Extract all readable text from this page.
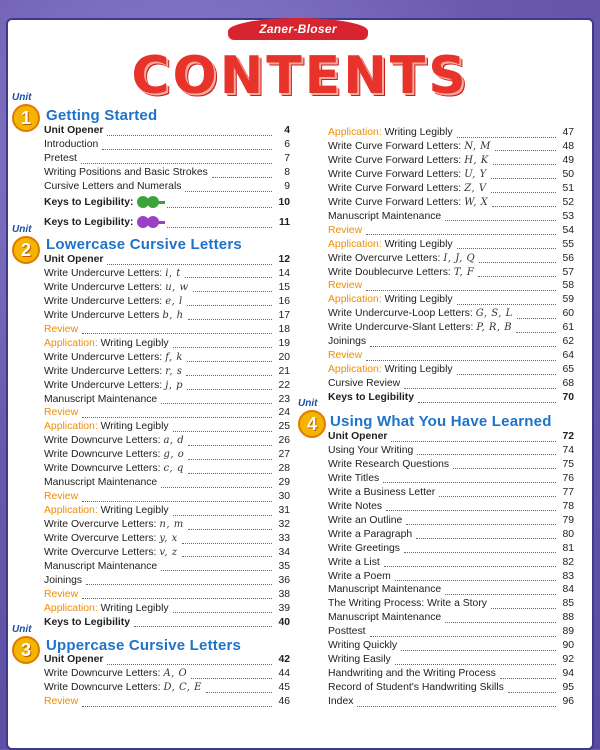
Zaner-Bloser
CONTENTS
Unit
1	Getting Started
Unit
2	Lowercase Cursive Letters
Unit
3	Uppercase Cursive Letters
Unit
4 Using What You Have Learned
Unit Opener	4
Introduction	6
Pretest	7
Writing Positions and Basic Strokes	8
Cursive Letters and Numerals	9
Keys to Legibility:	10
Keys to Legibility:	11
Unit Opener	12
Write Undercurve Letters: i, t	14
Write Undercurve Letters: u, w	15
Write Undercurve Letters: e, l	16
Write Undercurve Letters b, h	17
Review	18
Application: Writing Legibly	19
Write Undercurve Letters: f, k	20
Write Undercurve Letters: r, s	21
Write Undercurve Letters: j, p	22
Manuscript Maintenance	23
Review	24
Application: Writing Legibly	25
Write Downcurve Letters: a, d	26
Write Downcurve Letters: g, o	27
Write Downcurve Letters: c, q	28
Manuscript Maintenance	29
Review	30
Application: Writing Legibly	31
Write Overcurve Letters: n, m	32
Write Overcurve Letters: y, x	33
Write Overcurve Letters: v, z	34
Manuscript Maintenance	35
Joinings	36
Review	38
Application: Writing Legibly	39
Keys to Legibility	40
Unit Opener	42
Write Downcurve Letters: A, O	44
Write Downcurve Letters: D, C, E	45
Review	46
Application: Writing Legibly	47
Write Curve Forward Letters: N, M	48
Write Curve Forward Letters: H, K	49
Write Curve Forward Letters: U, Y	50
Write Curve Forward Letters: Z, V	51
Write Curve Forward Letters: W, X	52
Manuscript Maintenance	53
Review	54
Application: Writing Legibly	55
Write Overcurve Letters: I, J, Q	56
Write Doublecurve Letters: T, F	57
Review	58
Application: Writing Legibly	59
Write Undercurve-Loop Letters: G, S, L	60
Write Undercurve-Slant Letters: P, R, B	61
Joinings	62
Review	64
Application: Writing Legibly	65
Cursive Review	68
Keys to Legibility	70
Unit Opener	72
Using Your Writing	74
Write Research Questions	75
Write Titles	76
Write a Business Letter	77
Write Notes	78
Write an Outline	79
Write a Paragraph	80
Write Greetings	81
Write a List	82
Write a Poem	83
Manuscript Maintenance	84
The Writing Process: Write a Story	85
Manuscript Maintenance	88
Posttest	89
Writing Quickly	90
Writing Easily	92
Handwriting and the Writing Process	94
Record of Student's Handwriting Skills	95
Index	96
